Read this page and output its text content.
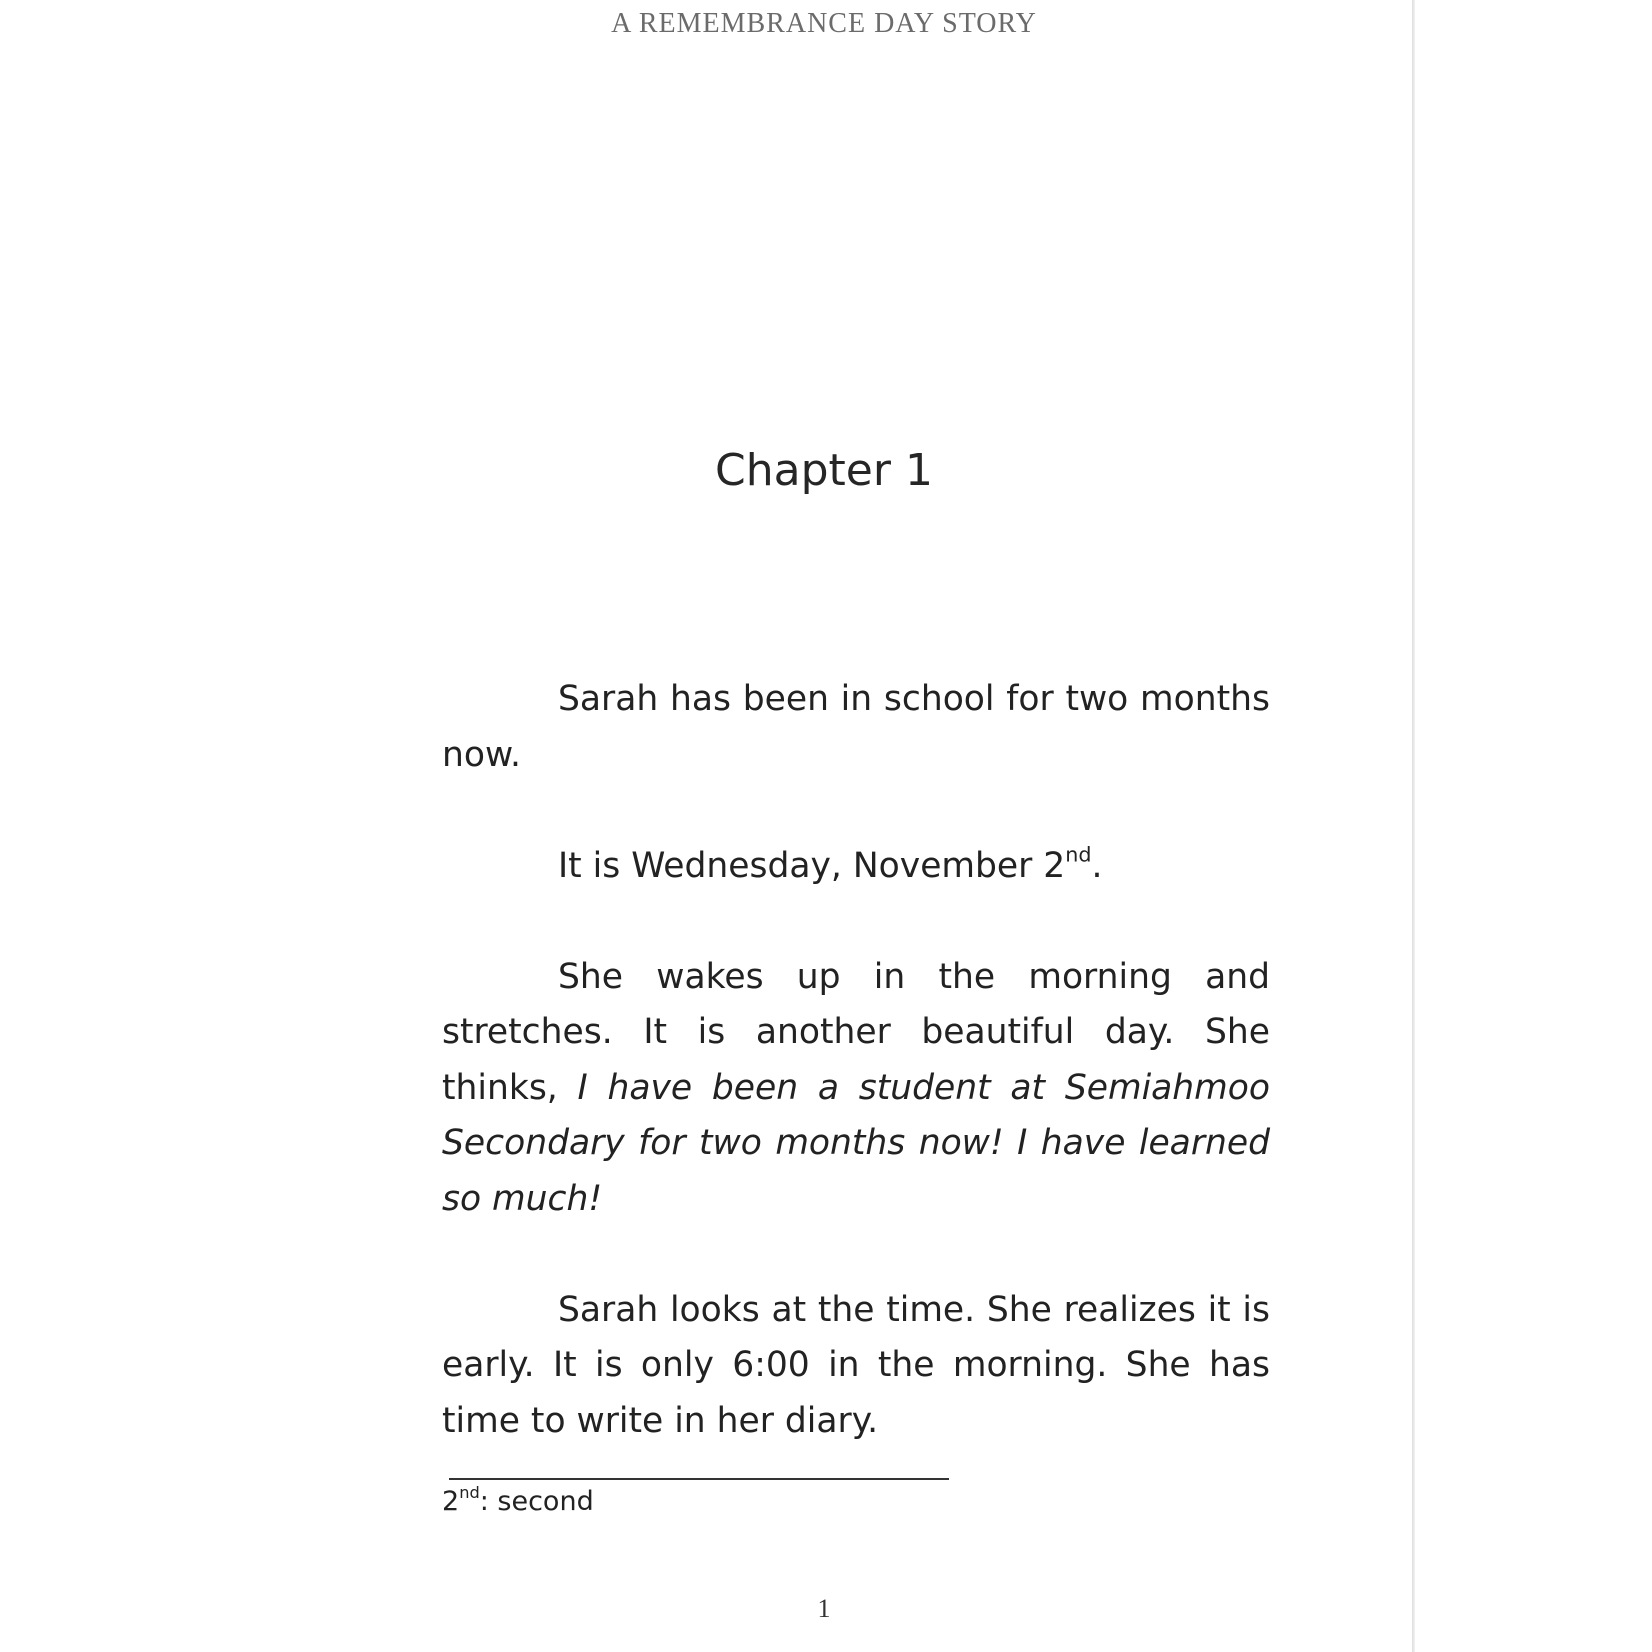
A REMEMBRANCE DAY STORY
Chapter 1

Sarah has been in school for two months now.

It is Wednesday, November 2nd.

She wakes up in the morning and stretches. It is another beautiful day. She thinks, I have been a student at Semiahmoo Secondary for two months now! I have learned so much!

Sarah looks at the time. She realizes it is early. It is only 6:00 in the morning. She has time to write in her diary.

2nd: second
1
